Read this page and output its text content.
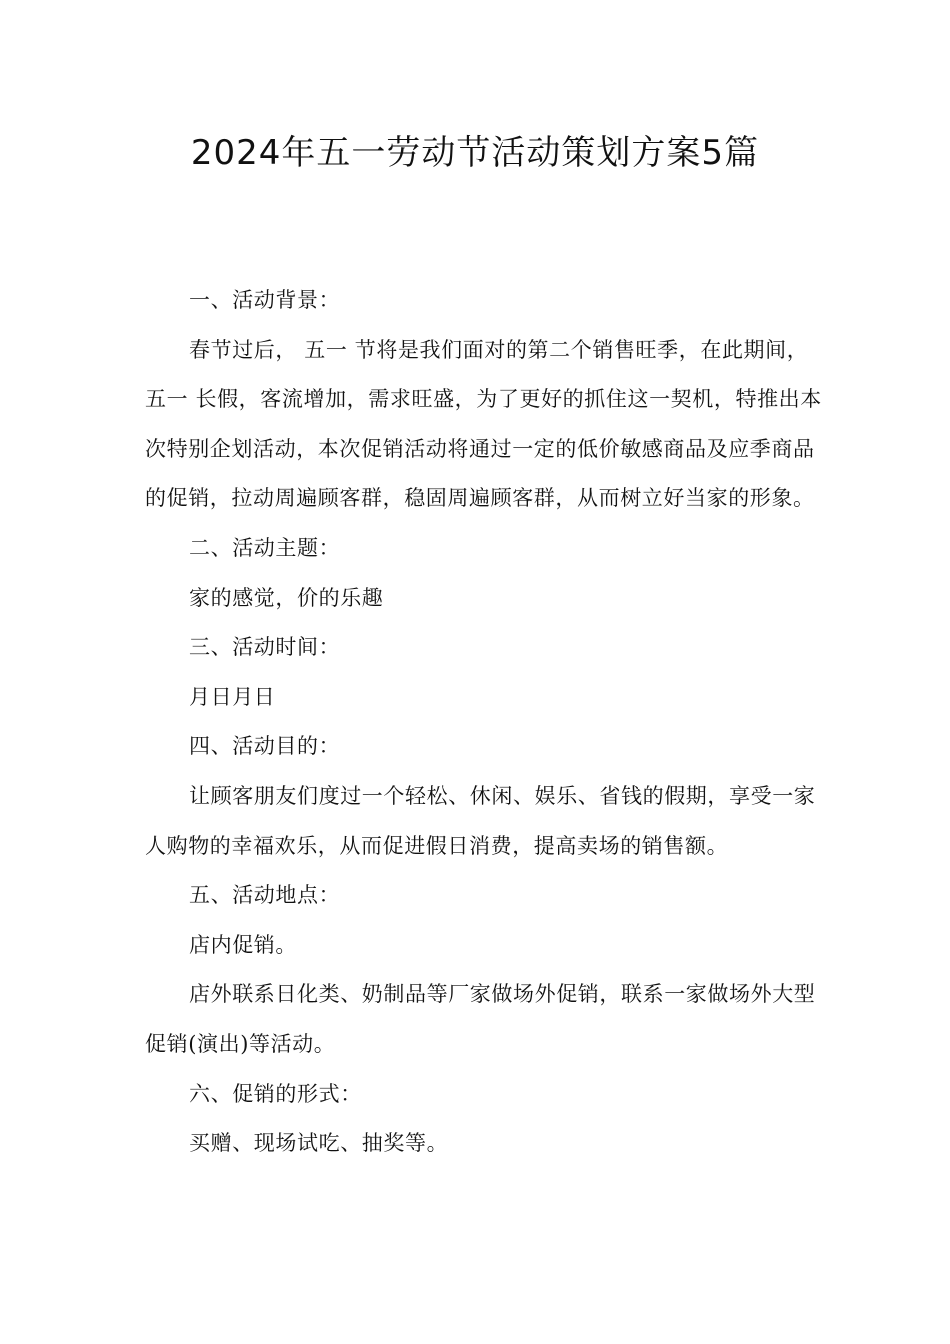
2024年五一劳动节活动策划方案5篇

一、活动背景：

春节过后， 五一 节将是我们面对的第二个销售旺季，在此期间， 五一 长假，客流增加，需求旺盛，为了更好的抓住这一契机，特推出本次特别企划活动，本次促销活动将通过一定的低价敏感商品及应季商品的促销，拉动周遍顾客群，稳固周遍顾客群，从而树立好当家的形象。

二、活动主题：

家的感觉，价的乐趣

三、活动时间：

月日月日

四、活动目的：

让顾客朋友们度过一个轻松、休闲、娱乐、省钱的假期，享受一家人购物的幸福欢乐，从而促进假日消费，提高卖场的销售额。

五、活动地点：

店内促销。

店外联系日化类、奶制品等厂家做场外促销，联系一家做场外大型促销(演出)等活动。

六、促销的形式：

买赠、现场试吃、抽奖等。
